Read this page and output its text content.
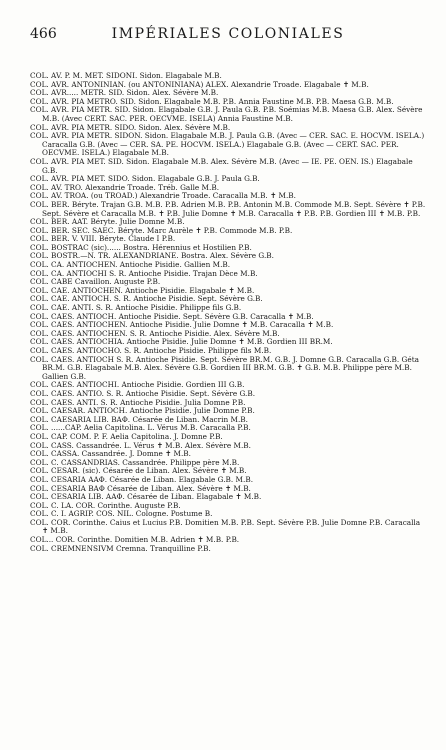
466	IMPÉRIALES COLONIALES

COL. AV. P. M. MET. SIDONI. Sidon. Elagabale M.B.

COL. AVR. ANTONINIAN. (ou ANTONINIANA) ALEX. Alexandrie Troade. Elagabale ✝ M.B.

COL. AVR..... METR. SID. Sidon. Alex. Sévère M.B.

COL. AVR. PIA METRO. SID. Sidon. Elagabale M.B. P.B. Annia Faustine M.B. P.B. Maesa G.B. M.B.

COL. AVR. PIA METR. SID. Sidon. Elagabale G.B. J. Paula G.B. P.B. Soémias M.B. Maesa G.B. Alex. Sévère M.B. (Avec CERT. SAC. PER. OECVME. ISELA) Annia Faustine M.B.

COL. AVR. PIA METR. SIDO. Sidon. Alex. Sévère M.B.

COL. AVR. PIA METR. SIDON. Sidon. Elagabale M.B. J. Paula G.B. (Avec — CER. SAC. E. HOCVM. ISELA.) Caracalla G.B. (Avec — CER. SA. PE. HOCVM. ISELA.) Elagabale G.B. (Avec — CERT. SAC. PER. OECVME. ISELA.) Elagabale M.B.

COL. AVR. PIA MET. SID. Sidon. Elagabale M.B. Alex. Sévère M.B. (Avec — IE. PE. OEN. IS.) Elagabale G.B.

COL. AVR. PIA MET. SIDO. Sidon. Elagabale G.B. J. Paula G.B.

COL. AV. TRO. Alexandrie Troade. Tréb. Galle M.B.

COL. AV. TROA. (ou TROAD.) Alexandrie Troade. Caracalla M.B. ✝ M.B.

COL. BER. Béryte. Trajan G.B. M.B. P.B. Adrien M.B. P.B. Antonin M.B. Commode M.B. Sept. Sévère ✝ P.B. Sept. Sévère et Caracalla M.B. ✝ P.B. Julie Domne ✝ M.B. Caracalla ✝ P.B. P.B. Gordien III ✝ M.B. P.B.

COL. BER. AAT. Béryte. Julie Domne M.B.

COL. BER. SEC. SAEC. Béryte. Marc Aurèle ✝ P.B. Commode M.B. P.B.

COL. BER. V. VIII. Béryte. Claude I P.B.

COL. BOSTRAC (sic)...... Bostra. Hérennius et Hostilien P.B.

COL. BOSTR.—N. TR. ALEXANDRIANE. Bostra. Alex. Sévère G.B.

COL. CA. ANTIOCHEN. Antioche Pisidie. Gallien M.B.

COL. CA. ANTIOCHI S. R. Antioche Pisidie. Trajan Dèce M.B.

COL. CABE Cavaillon. Auguste P.B.

COL. CAE. ANTIOCHEN. Antioche Pisidie. Elagabale ✝ M.B.

COL. CAE. ANTIOCH. S. R. Antioche Pisidie. Sept. Sévère G.B.

COL. CAE. ANTI. S. R. Antioche Pisidie. Philippe fils G.B.

COL. CAES. ANTIOCH. Antioche Pisidie. Sept. Sévère G.B. Caracalla ✝ M.B.

COL. CAES. ANTIOCHEN. Antioche Pisidie. Julie Domne ✝ M.B. Caracalla ✝ M.B.

COL. CAES. ANTIOCHEN. S. R. Antioche Pisidie. Alex. Sévère M.B.

COL. CAES. ANTIOCHIA. Antioche Pisidie. Julie Domne ✝ M.B. Gordien III BR.M.

COL. CAES. ANTIOCHO. S. R. Antioche Pisidie. Philippe fils M.B.

COL. CAES. ANTIOCH S. R. Antioche Pisidie. Sept. Sévère BR.M. G.B. J. Domne G.B. Caracalla G.B. Géta BR.M. G.B. Elagabale M.B. Alex. Sévère G.B. Gordien III BR.M. G.B. ✝ G.B. M.B. Philippe père M.B. Gallien G.B.

COL. CAES. ANTIOCHI. Antioche Pisidie. Gordien III G.B.

COL. CAES. ANTIO. S. R. Antioche Pisidie. Sept. Sévère G.B.

COL. CAES. ANTI. S. R. Antioche Pisidie. Julia Domne P.B.

COL. CAESAR. ANTIOCH. Antioche Pisidie. Julie Domne P.B.

COL. CAESARIA LIB. BAΦ. Césarée de Liban. Macrin M.B.

COL. ......CAP. Aelia Capitolina. L. Vérus M.B. Caracalla P.B.

COL. CAP. COM. P. F. Aelia Capitolina. J. Domne P.B.

COL. CASS. Cassandrée. L. Vérus ✝ M.B. Alex. Sévère M.B.

COL. CASSA. Cassandrée. J. Domne ✝ M.B.

COL. C. CASSANDRIAS. Cassandrée. Philippe père M.B.

COL. CESAR. (sic). Césarée de Liban. Alex. Sévère ✝ M.B.

COL. CESARIA AAΦ. Césarée de Liban. Elagabale G.B. M.B.

COL. CESARIA BAΦ Césarée de Liban. Alex. Sévère ✝ M.B.

COL. CESARIA LIB. AAΦ. Césarée de Liban. Elagabale ✝ M.B.

COL. C. LA. COR. Corinthe. Auguste P.B.

COL. C. I. AGRIP. COS. NIL. Cologne. Postume B.

COL. COR. Corinthe. Caius et Lucius P.B. Domitien M.B. P.B. Sept. Sévère P.B. Julie Domne P.B. Caracalla ✝ M.B.

COL... COR. Corinthe. Domitien M.B. Adrien ✝ M.B. P.B.

COL. CREMNENSIVM Cremna. Tranquilline P.B.
